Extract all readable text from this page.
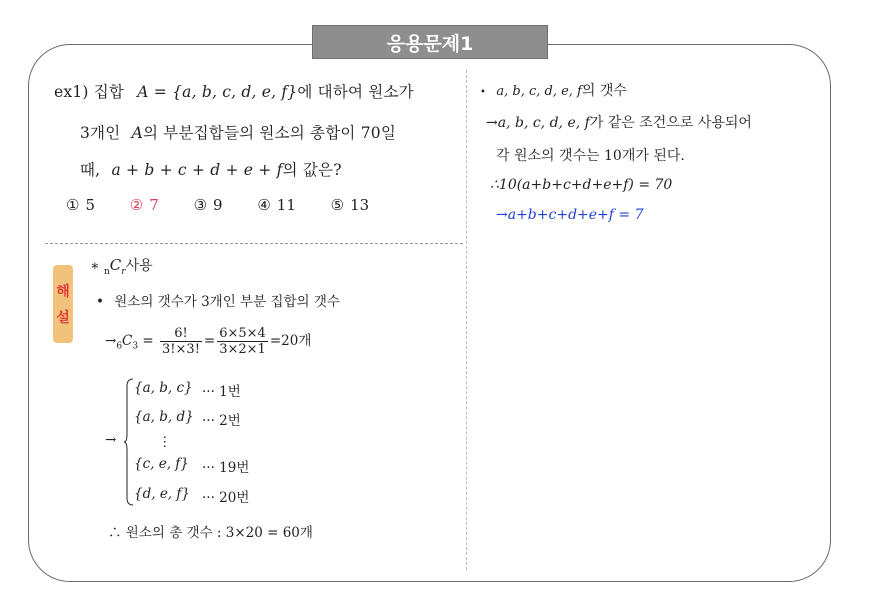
응용문제1
ex1) 집합 A = {a, b, c, d, e, f}에 대하여 원소가
3개인 A의 부분집합들의 원소의 총합이 70일
때, a + b + c + d + e + f의 값은?
① 5 ② 7 ③ 9 ④ 11 ⑤ 13
해
설
∗ $_nC_r$사용
• 원소의 갯수가 3개인 부분 집합의 갯수
$\to_6C_3 = \frac{6!}{3!\times 3!} = \frac{6\times 5\times 4}{3\times 2\times 1} =20$개
→
{a, b, c} ··· 1번
{a, b, d} ··· 2번
⋮
{c, e, f} ··· 19번
{d, e, f} ··· 20번
∴ 원소의 총 갯수 : 3×20 = 60개
• a, b, c, d, e, f의 갯수
→a, b, c, d, e, f가 같은 조건으로 사용되어
각 원소의 갯수는 10개가 된다.
∴10(a+b+c+d+e+f) = 70
→a+b+c+d+e+f = 7
